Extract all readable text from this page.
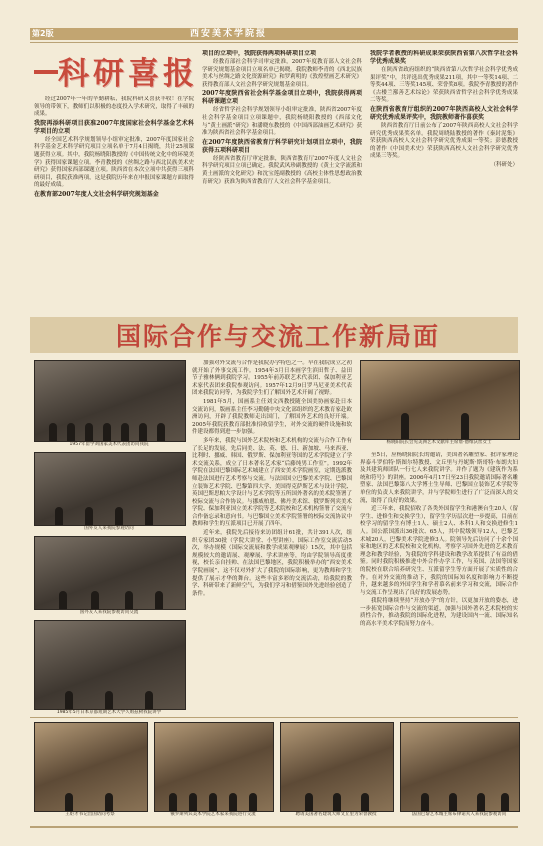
第2版	西安美术学院报
科研喜报

经过2007年一年的辛勤耕耘，我院科研又喜获丰收！在学院领导的带领下，教师们以积极的态度投入学术研究，取得了丰硕的成果。

我院再添科研项目获准2007年度国家社会科学基金艺术科学项目的立项

经全国艺术科学规划领导小组审定批准，2007年度国家社会科学基金艺术科学研究项目立项名单于7月4日揭晓，共计25项课题获得立项。其中，我院杨晓阳教授的《中国传统文化中的环境美学》获得国家课题立项。李青教授的《丝绸之路与西北民族美术史研究》获得国家西部课题立项。陕西省在本次立项中共获得三项科研项目，我院获准两项，这是我院历年来在申报国家课题方面取得的最好成绩。

在教育部2007年度人文社会科学研究规划基金

项目的立项中，我院获得两项科研项目立项

经教育部社会科学司审定批准，2007年度教育部人文社会科学研究规划基金项目立项名单已揭晓。我院教师李青的《西北民族美术与丝绸之路文化资源研究》和罗莉明的《敦煌壁画艺术研究》获得教育部人文社会科学研究规划基金项目。

2007年度陕西省社会科学基金项目立项中，我院获得两项科研课题立项

经省哲学社会科学规划领导小组审定批准，陕西省2007年度社会科学基金项目立项课题中，我院杨晓阳教授的《西部文化与“黄土画派”研究》和潘晓东教授的《中国西部油画艺术研究》获准为陕西省社会科学基金项目。

在2007年度陕西省教育厅科学研究计划项目立项中，我院获得五项科研项目

经陕西省教育厅审定批准，陕西省教育厅2007年度人文社会科学研究项目立项已确定。我院武风珍副教授的《黄土文学流派和黄土画派的文化研究》和沈宝莲副教授的《高校主体性思想政治教育研究》获准为陕西省教育厅人文社会科学基金项目。

我院学者教授的科研成果荣获陕西省第八次哲学社会科学优秀成果奖

在陕西省政府组织的“陕西省第八次哲学社会科学优秀成果评奖”中，共评选出优秀成果211项，其中一等奖14项、二等奖44项、三等奖145项、荣誉奖8项。我院李青教授的著作《古楼兰鄯善艺术综论》荣获陕西省哲学社会科学优秀成果二等奖。

在陕西省教育厅组织的2007年陕西高校人文社会科学研究优秀成果评奖中，我院教师著作喜获奖

陕西省教育厅日前公布了2007年陕西高校人文社会科学研究优秀成果奖名单。我院周晓陆教授的著作《秦封泥集》荣获陕西高校人文社会科学研究优秀成果一等奖；彭德教授的著作《中国美术史》荣获陕西高校人文社会科学研究优秀成果三等奖。

（科研处）

国际合作与交流工作新局面
1957年留学刘国家美术代表团访问我院
国外友人来我院参观访问
国外友人来我院参观访问交流
1985年5月日本京都短期艺术大学久姐兹树我院讲学

加强对外交流与合作是我院办学特色之一。早在我院成立之初就开始了外事交流工作。1954年3月日本画学生滨田哲子、益田节子雅林俩到我院学习。1955年前苏联艺术代表团、保加利亚艺术家代表团来我院参观访问。1957年12月9日罗马尼亚美术代表团来我院访问等，为我院学生们了解国外艺术开阔了视野。

1981年5月，国画系主任刘文西教授随全国美协画家赴日本交流访问，版画系主任李习勤随中央文化部组织的艺术教育家赴欧洲访问，开辟了我院教师走出国门，了解国外艺术的良好开端。2005年我院获教育部批准招收留学生，对外交流的硬件设施和软件建设都得到进一步加强。

多年来，我院与国外艺术院校和艺术机构的交流与合作工作有了长足的发展，先后同美、法、英、德、日、新加坡、马来西亚、比利时、挪威、韩国、俄罗斯、保加利亚等国的艺术学院建立了学术交流关系，成立了日本著名艺术家“后藤纯男工作室”。1992年学院在法国巴黎国际艺术城建立了西安美术学院画室，定期选派教师赴法国进行艺术考察与交流。与法国国立巴黎美术学院、巴黎国立装饰艺术学院、巴黎第四大学、美国得克萨斯艺术与设计学院、英国巴斯思帕大学设计与艺术学院等五所国外著名的美术院签署了校际交流与合作协议。与挪威柏恩、佛丹美术馆、俄罗斯列宾美术学院、保加利亚国立美术学院等艺术院校和艺术机构签署了交流与合作备忘录和意向书。与巴黎国立美术学院签署的校际交流协议中教师和学生的互派项目已开展了四年。

近年来，我院先后接待来访团组计61批，共计391人次，组织专家团30批（学院大讲堂、小型讲座），国际工作室交流活动5次，举办规模（国际交流展和教学成果观摩展）15次，其中包括规模较大的邀请展、观摩展、学术讲座等，均由学院领导高度重视，校长亲自挂帅、在法国巴黎地区，我院积极举办的“西安美术学院画展”，这不仅对外扩大了我院的国际影响，更为教师和学生提供了展示才华的舞台。这些丰富多彩的交流活动，给我院的教学、科研带来了新鲜空气，为我们学习和借鉴国外先进经验创造了条件。

杨晓阳院长会见美洲艺术文献库主席詹·德维沃丝女士

至5日，应杨晓阳院长的邀请，美国著名雕塑家、批评家理论界泰斗罗伯特·斯图尔特教授、文丘里与丹妮斯·斯哥特·布朗夫妇及其建筑师团队一行七人来我院讲学。并作了题为《建筑作为系统和符号》的讲座。2006年4月17日至23日我院邀请国际著名雕塑家、法国巴黎第八大学博士生导师、巴黎国立装饰艺术学院等单位的负责人来我院讲学，并与学院师生进行了广泛而深入的交流，取得了良好的效果。

近三年来，我院招收了各类外国留学生和港澳台生20人（留学生、进修生和交换学生），留学生学历层次进一步提高，目前在校学习的留学生有博士1人、硕士2人、本科1人和交换进修生1人。国公派国派出36批次、65人，其中院级领导12人，巴黎艺术城20人，巴黎美术学院进修3人。院领导先后访问了十余个国家和地区的艺术院校和文化机构，考察学习国外先进的艺术教育理念和教学经验，为我院的学科建设和教学改革提供了有益的借鉴。同时我院积极推进中外合作办学工作，与英国、法国等国家的院校在联合培养研究生、互派留学生等方面开展了实质性的合作。在对外交流的推动下，我院的国际知名度和影响力不断提升，越来越多的外国学生和学者慕名前来学习和交流，国际合作与交流工作呈现出了良好的发展态势。

我院将继续坚持“开放办学”的方针，以更加开放的姿态，进一步拓宽国际合作与交流的渠道，加强与国外著名艺术院校的实质性合作，推动我院的国际化进程，为建设国内一流、国际知名的高水平美术学院而努力奋斗。

王炬才书记出国访问考察	俄罗斯列宾美术学院艺术家来我院进行交流	聘请美国著名建筑大师文丘里为荣誉教授	法国巴黎艺术城主席布律诺夫人来我院参观访问
